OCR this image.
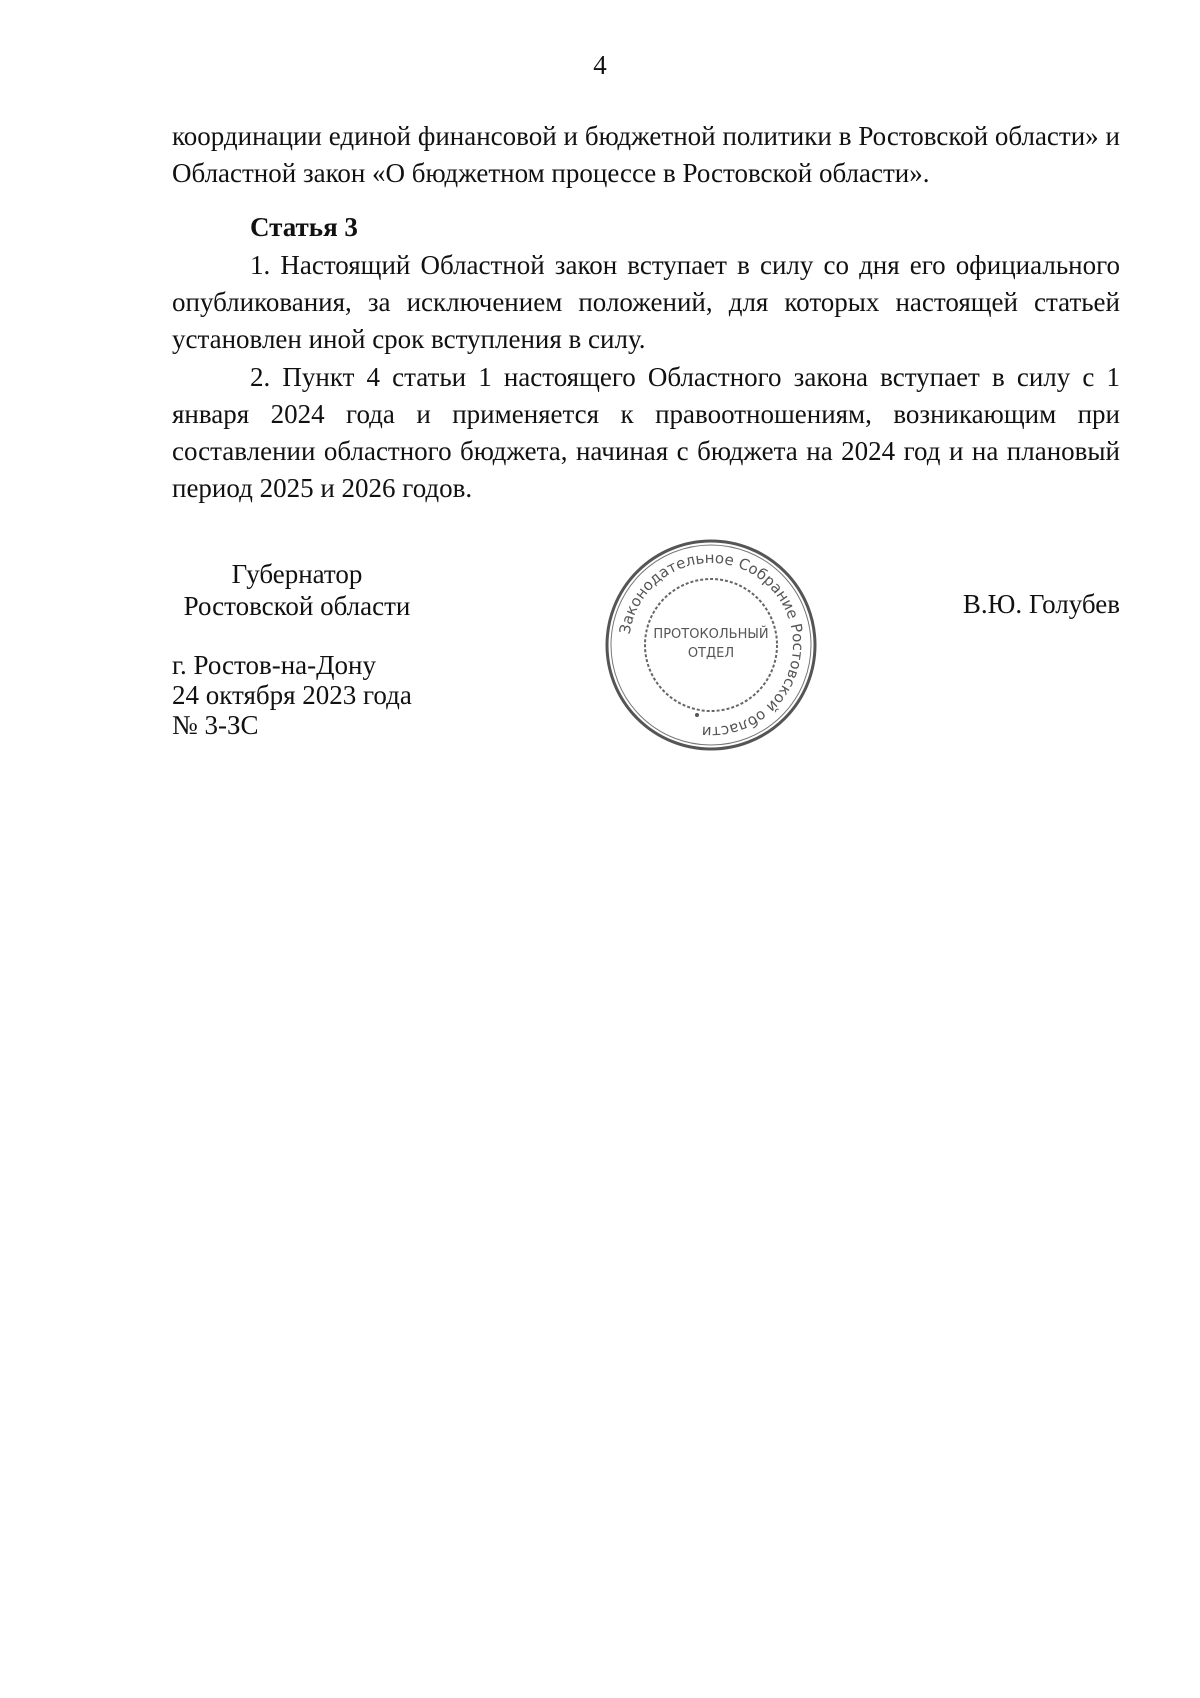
4
координации единой финансовой и бюджетной политики в Ростовской области» и Областной закон «О бюджетном процессе в Ростовской области».
Статья 3
1. Настоящий Областной закон вступает в силу со дня его официального опубликования, за исключением положений, для которых настоящей статьей установлен иной срок вступления в силу.
2. Пункт 4 статьи 1 настоящего Областного закона вступает в силу с 1 января 2024 года и применяется к правоотношениям, возникающим при составлении областного бюджета, начиная с бюджета на 2024 год и на плановый период 2025 и 2026 годов.
Губернатор
Ростовской области	В.Ю. Голубев
г. Ростов-на-Дону
24 октября 2023 года
№ 3-ЗС
Законодательное Собрание Ростовской области
ПРОТОКОЛЬНЫЙ
ОТДЕЛ
